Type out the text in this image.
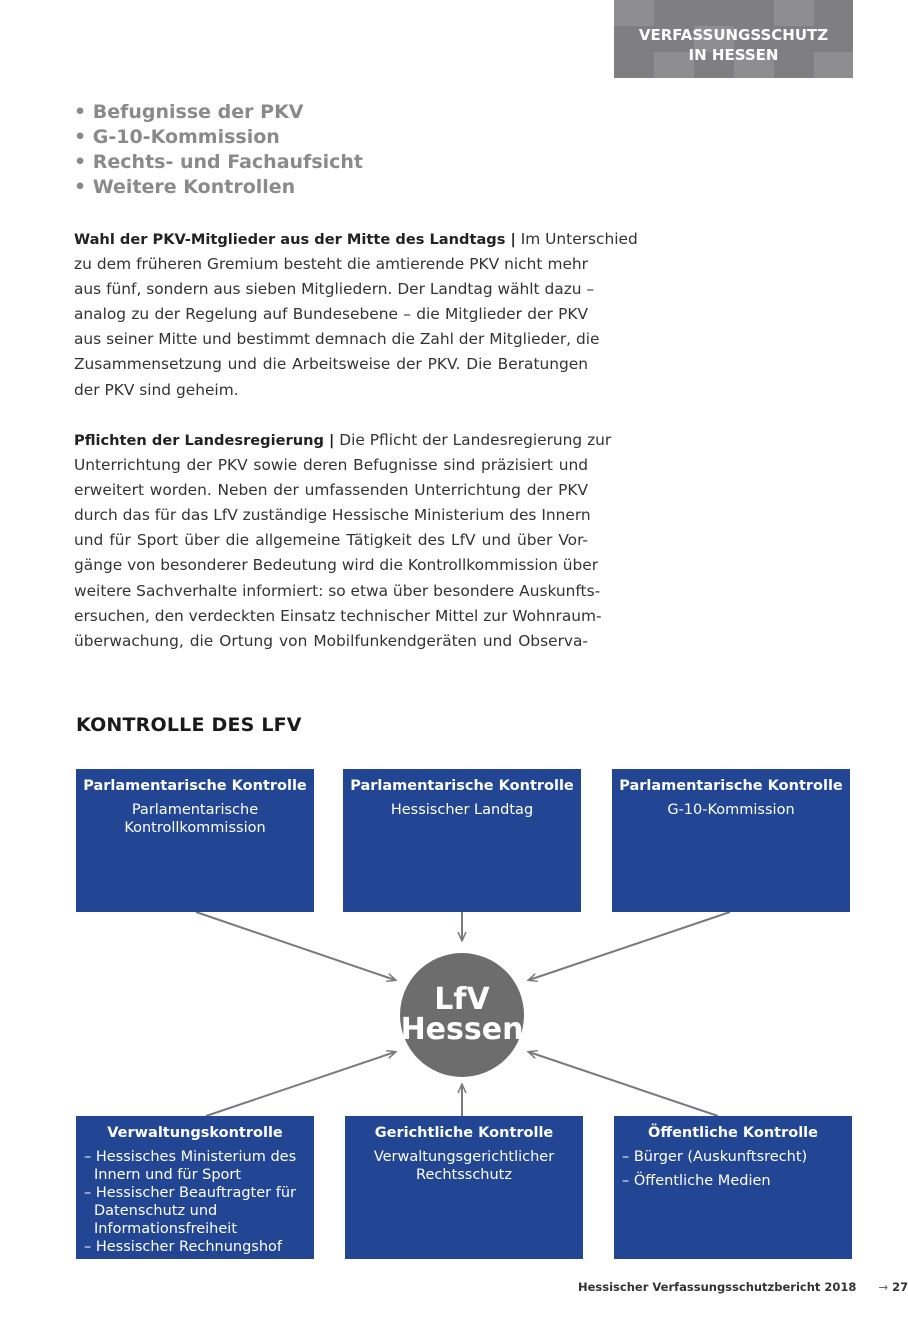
VERFASSUNGSSCHUTZ
IN HESSEN
• Befugnisse der PKV
• G-10-Kommission
• Rechts- und Fachaufsicht
• Weitere Kontrollen

Wahl der PKV-Mitglieder aus der Mitte des Landtags | Im Unterschied
zu dem früheren Gremium besteht die amtierende PKV nicht mehr
aus fünf, sondern aus sieben Mitgliedern. Der Landtag wählt dazu –
analog zu der Regelung auf Bundesebene – die Mitglieder der PKV
aus seiner Mitte und bestimmt demnach die Zahl der Mitglieder, die
Zusammensetzung und die Arbeitsweise der PKV. Die Beratungen
der PKV sind geheim.

Pflichten der Landesregierung | Die Pflicht der Landesregierung zur
Unterrichtung der PKV sowie deren Befugnisse sind präzisiert und
erweitert worden. Neben der umfassenden Unterrichtung der PKV
durch das für das LfV zuständige Hessische Ministerium des Innern
und für Sport über die allgemeine Tätigkeit des LfV und über Vor-
gänge von besonderer Bedeutung wird die Kontrollkommission über
weitere Sachverhalte informiert: so etwa über besondere Auskunfts-
ersuchen, den verdeckten Einsatz technischer Mittel zur Wohnraum-
überwachung, die Ortung von Mobilfunkendgeräten und Observa-

KONTROLLE DES LFV
Parlamentarische Kontrolle
Parlamentarische
Kontrollkommission
Parlamentarische Kontrolle
Hessischer Landtag
Parlamentarische Kontrolle
G-10-Kommission
LfV
Hessen
Verwaltungskontrolle
– Hessisches Ministerium des Innern und für Sport
– Hessischer Beauftragter für Datenschutz und Informationsfreiheit
– Hessischer Rechnungshof
Gerichtliche Kontrolle
Verwaltungsgerichtlicher
Rechtsschutz
Öffentliche Kontrolle
– Bürger (Auskunftsrecht)
– Öffentliche Medien
Hessischer Verfassungsschutzbericht 2018 → 27
